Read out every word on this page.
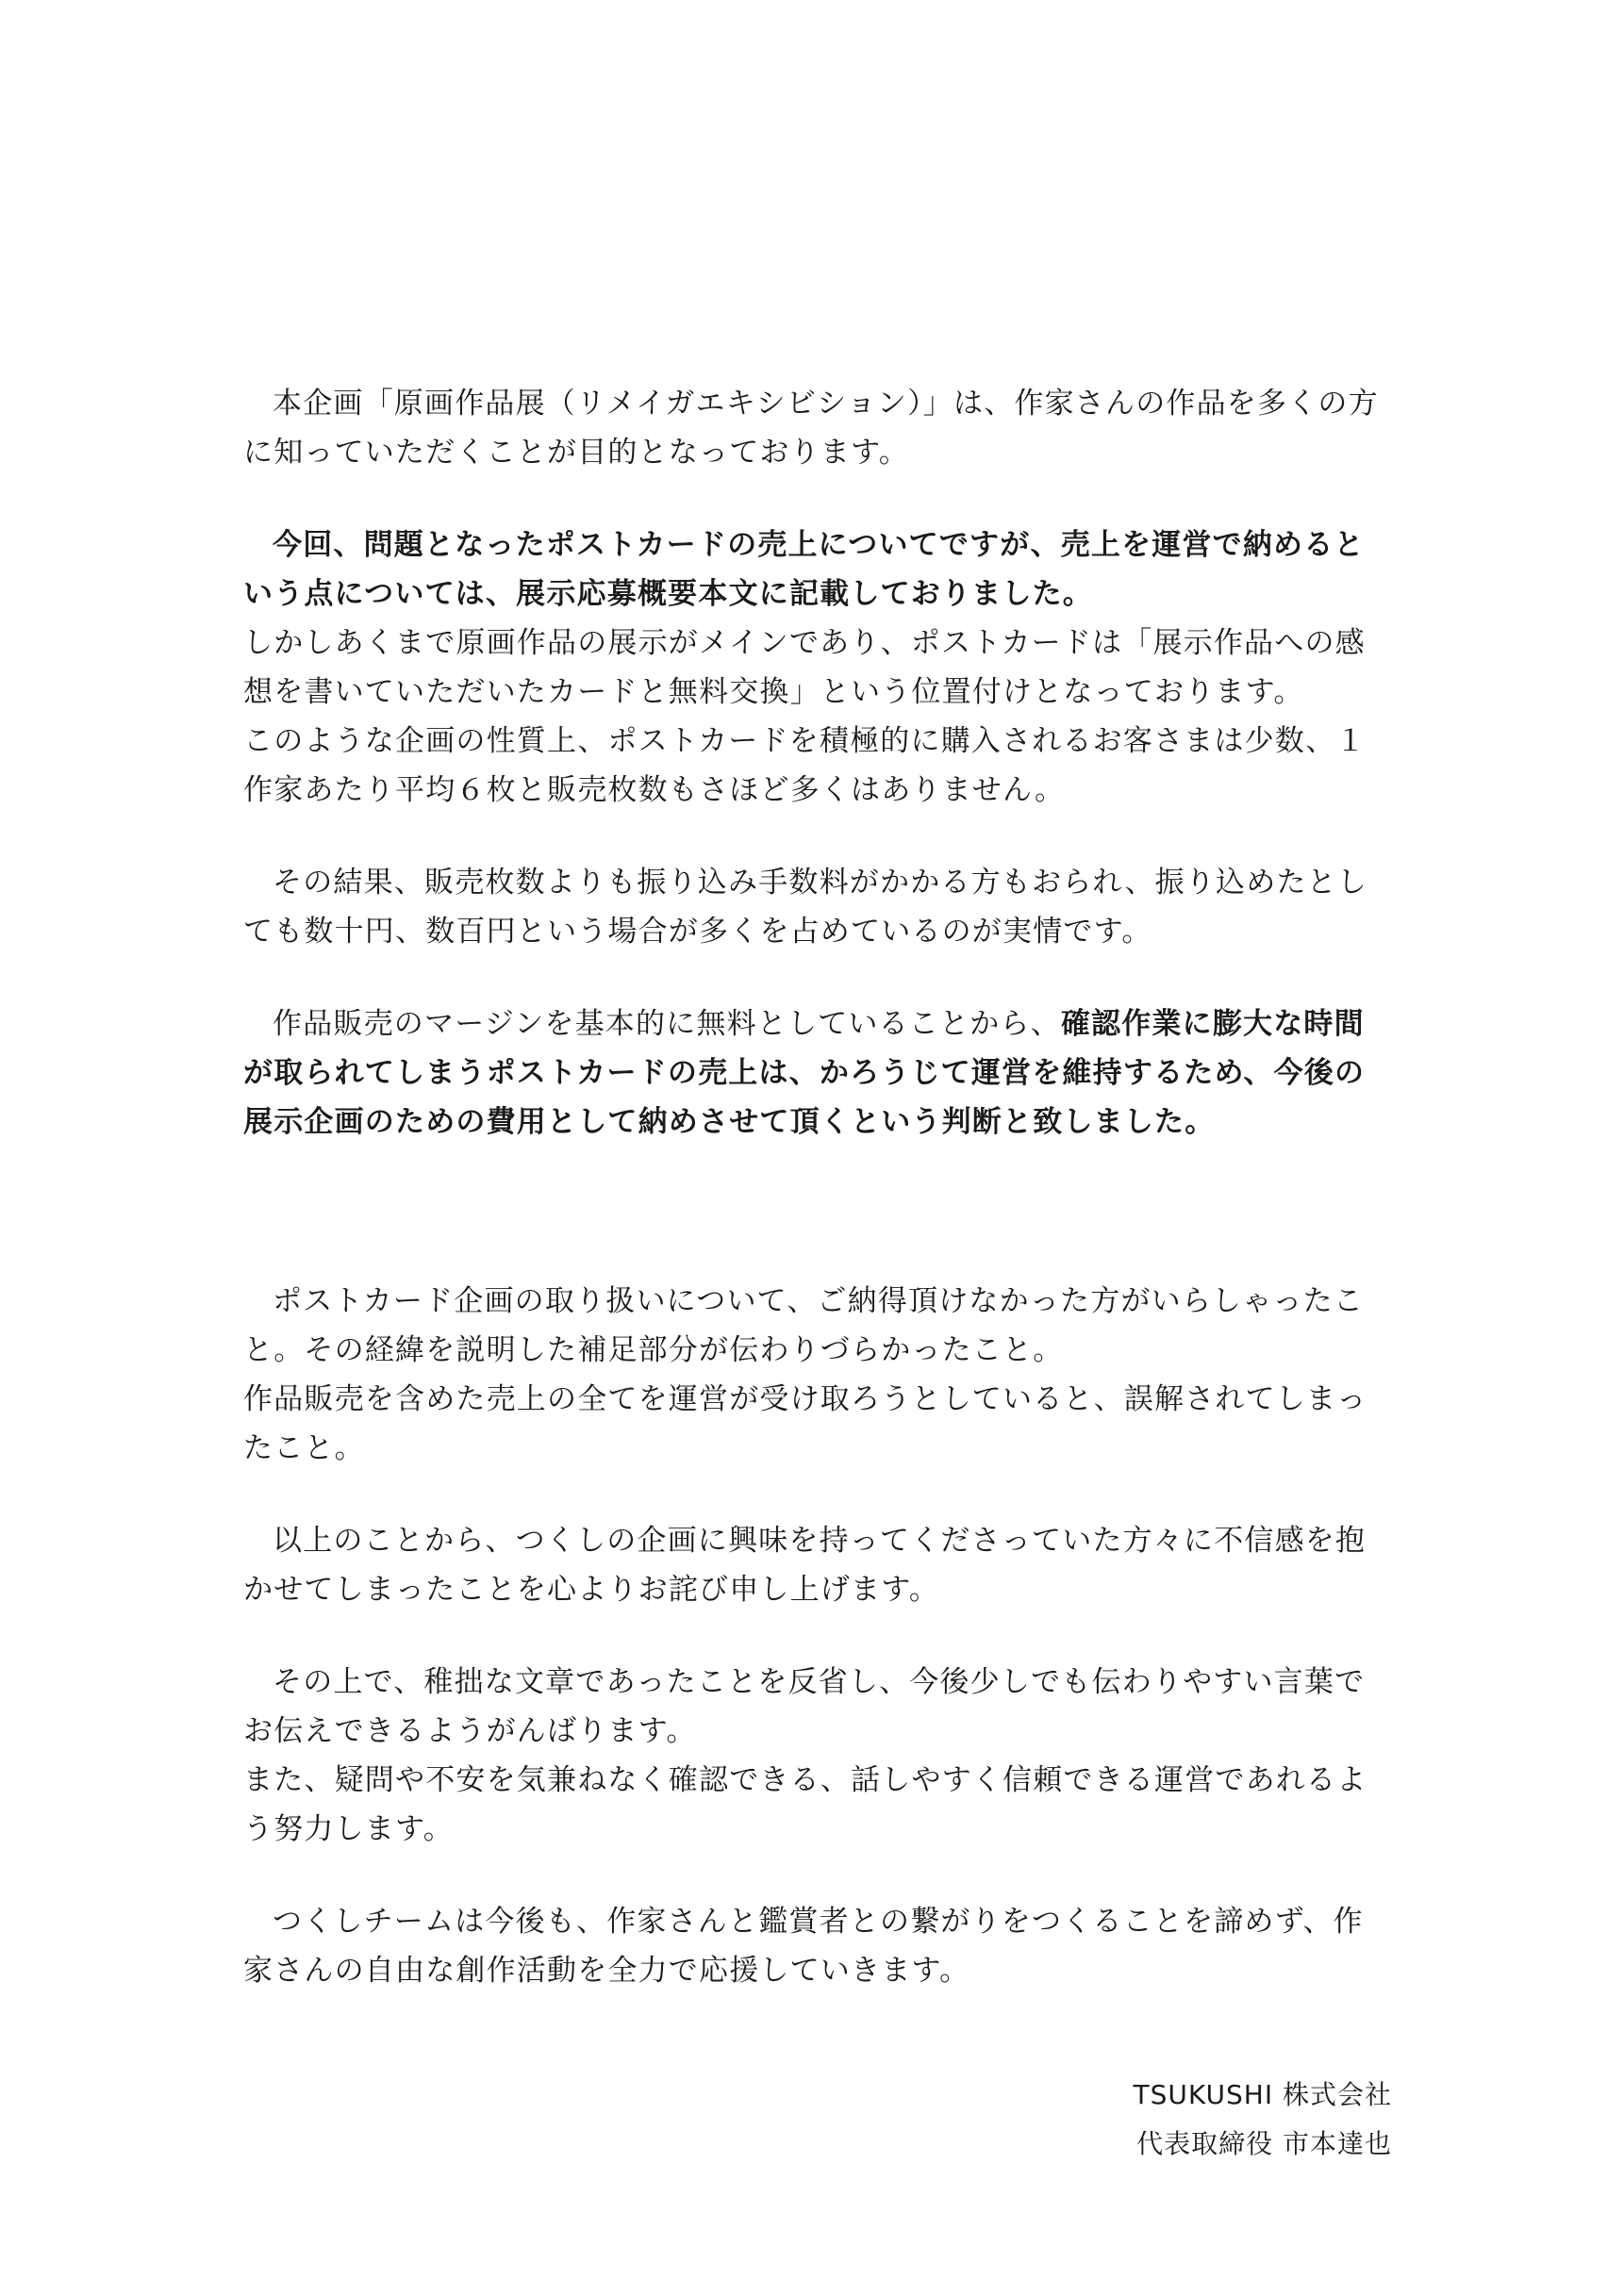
本企画「原画作品展（リメイガエキシビション）」は、作家さんの作品を多くの方に知っていただくことが目的となっております。

今回、問題となったポストカードの売上についてですが、売上を運営で納めるという点については、展示応募概要本文に記載しておりました。

しかしあくまで原画作品の展示がメインであり、ポストカードは「展示作品への感想を書いていただいたカードと無料交換」という位置付けとなっております。

このような企画の性質上、ポストカードを積極的に購入されるお客さまは少数、１作家あたり平均６枚と販売枚数もさほど多くはありません。

その結果、販売枚数よりも振り込み手数料がかかる方もおられ、振り込めたとしても数十円、数百円という場合が多くを占めているのが実情です。

作品販売のマージンを基本的に無料としていることから、確認作業に膨大な時間が取られてしまうポストカードの売上は、かろうじて運営を維持するため、今後の展示企画のための費用として納めさせて頂くという判断と致しました。

ポストカード企画の取り扱いについて、ご納得頂けなかった方がいらしゃったこと。その経緯を説明した補足部分が伝わりづらかったこと。

作品販売を含めた売上の全てを運営が受け取ろうとしていると、誤解されてしまったこと。

以上のことから、つくしの企画に興味を持ってくださっていた方々に不信感を抱かせてしまったことを心よりお詫び申し上げます。

その上で、稚拙な文章であったことを反省し、今後少しでも伝わりやすい言葉でお伝えできるようがんばります。

また、疑問や不安を気兼ねなく確認できる、話しやすく信頼できる運営であれるよう努力します。

つくしチームは今後も、作家さんと鑑賞者との繋がりをつくることを諦めず、作家さんの自由な創作活動を全力で応援していきます。

TSUKUSHI 株式会社
代表取締役 市本達也
